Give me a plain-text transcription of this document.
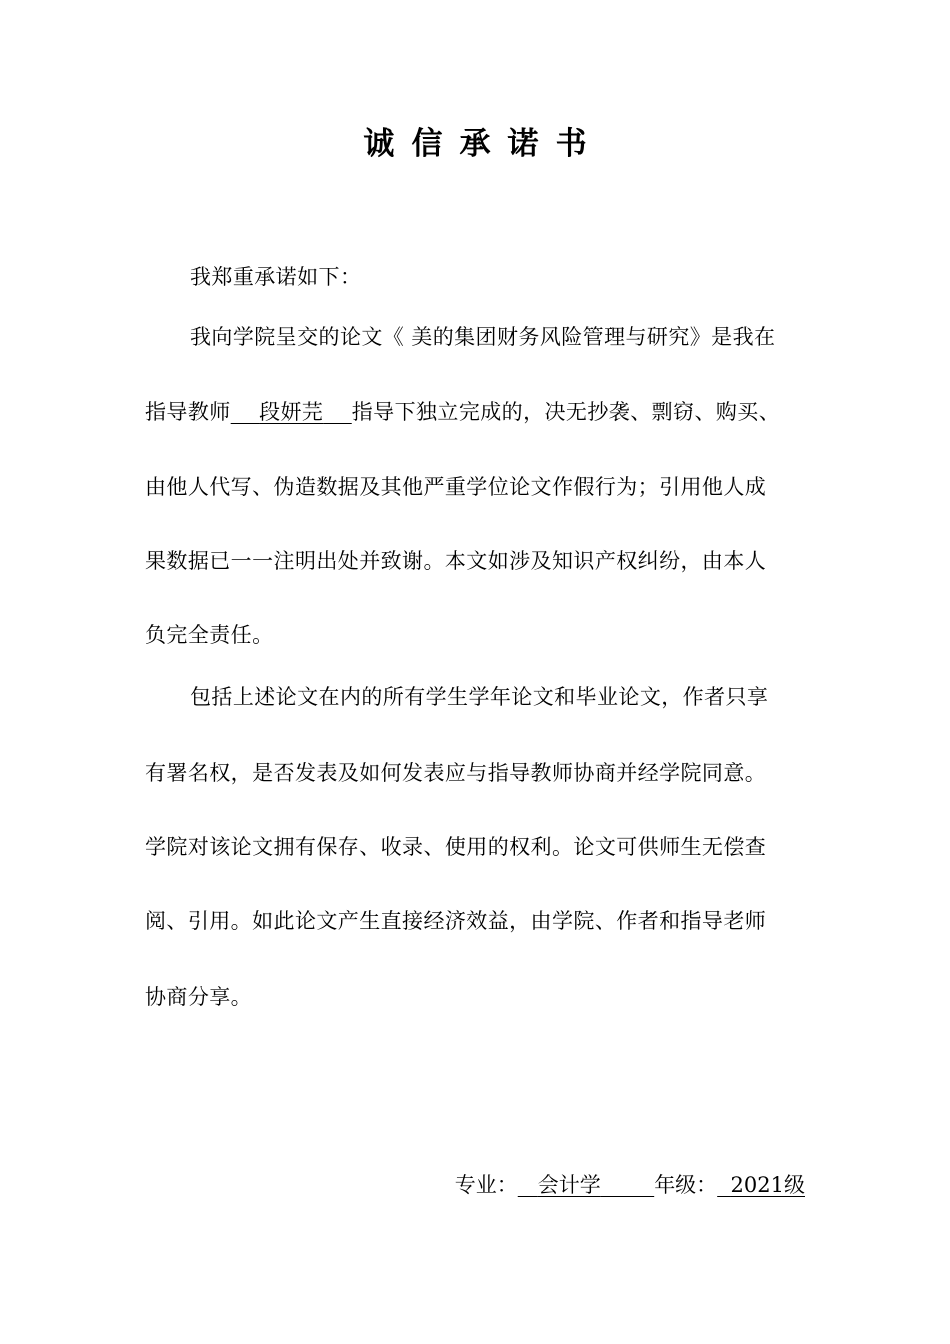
诚信承诺书
我郑重承诺如下：
我向学院呈交的论文《 美的集团财务风险管理与研究》是我在
指导教师 段妍芫 指导下独立完成的，决无抄袭、剽窃、购买、
由他人代写、伪造数据及其他严重学位论文作假行为；引用他人成
果数据已一一注明出处并致谢。本文如涉及知识产权纠纷，由本人
负完全责任。
包括上述论文在内的所有学生学年论文和毕业论文，作者只享
有署名权，是否发表及如何发表应与指导教师协商并经学院同意。
学院对该论文拥有保存、收录、使用的权利。论文可供师生无偿查
阅、引用。如此论文产生直接经济效益，由学院、作者和指导老师
协商分享。
专业： 会计学	年级： 2021级
